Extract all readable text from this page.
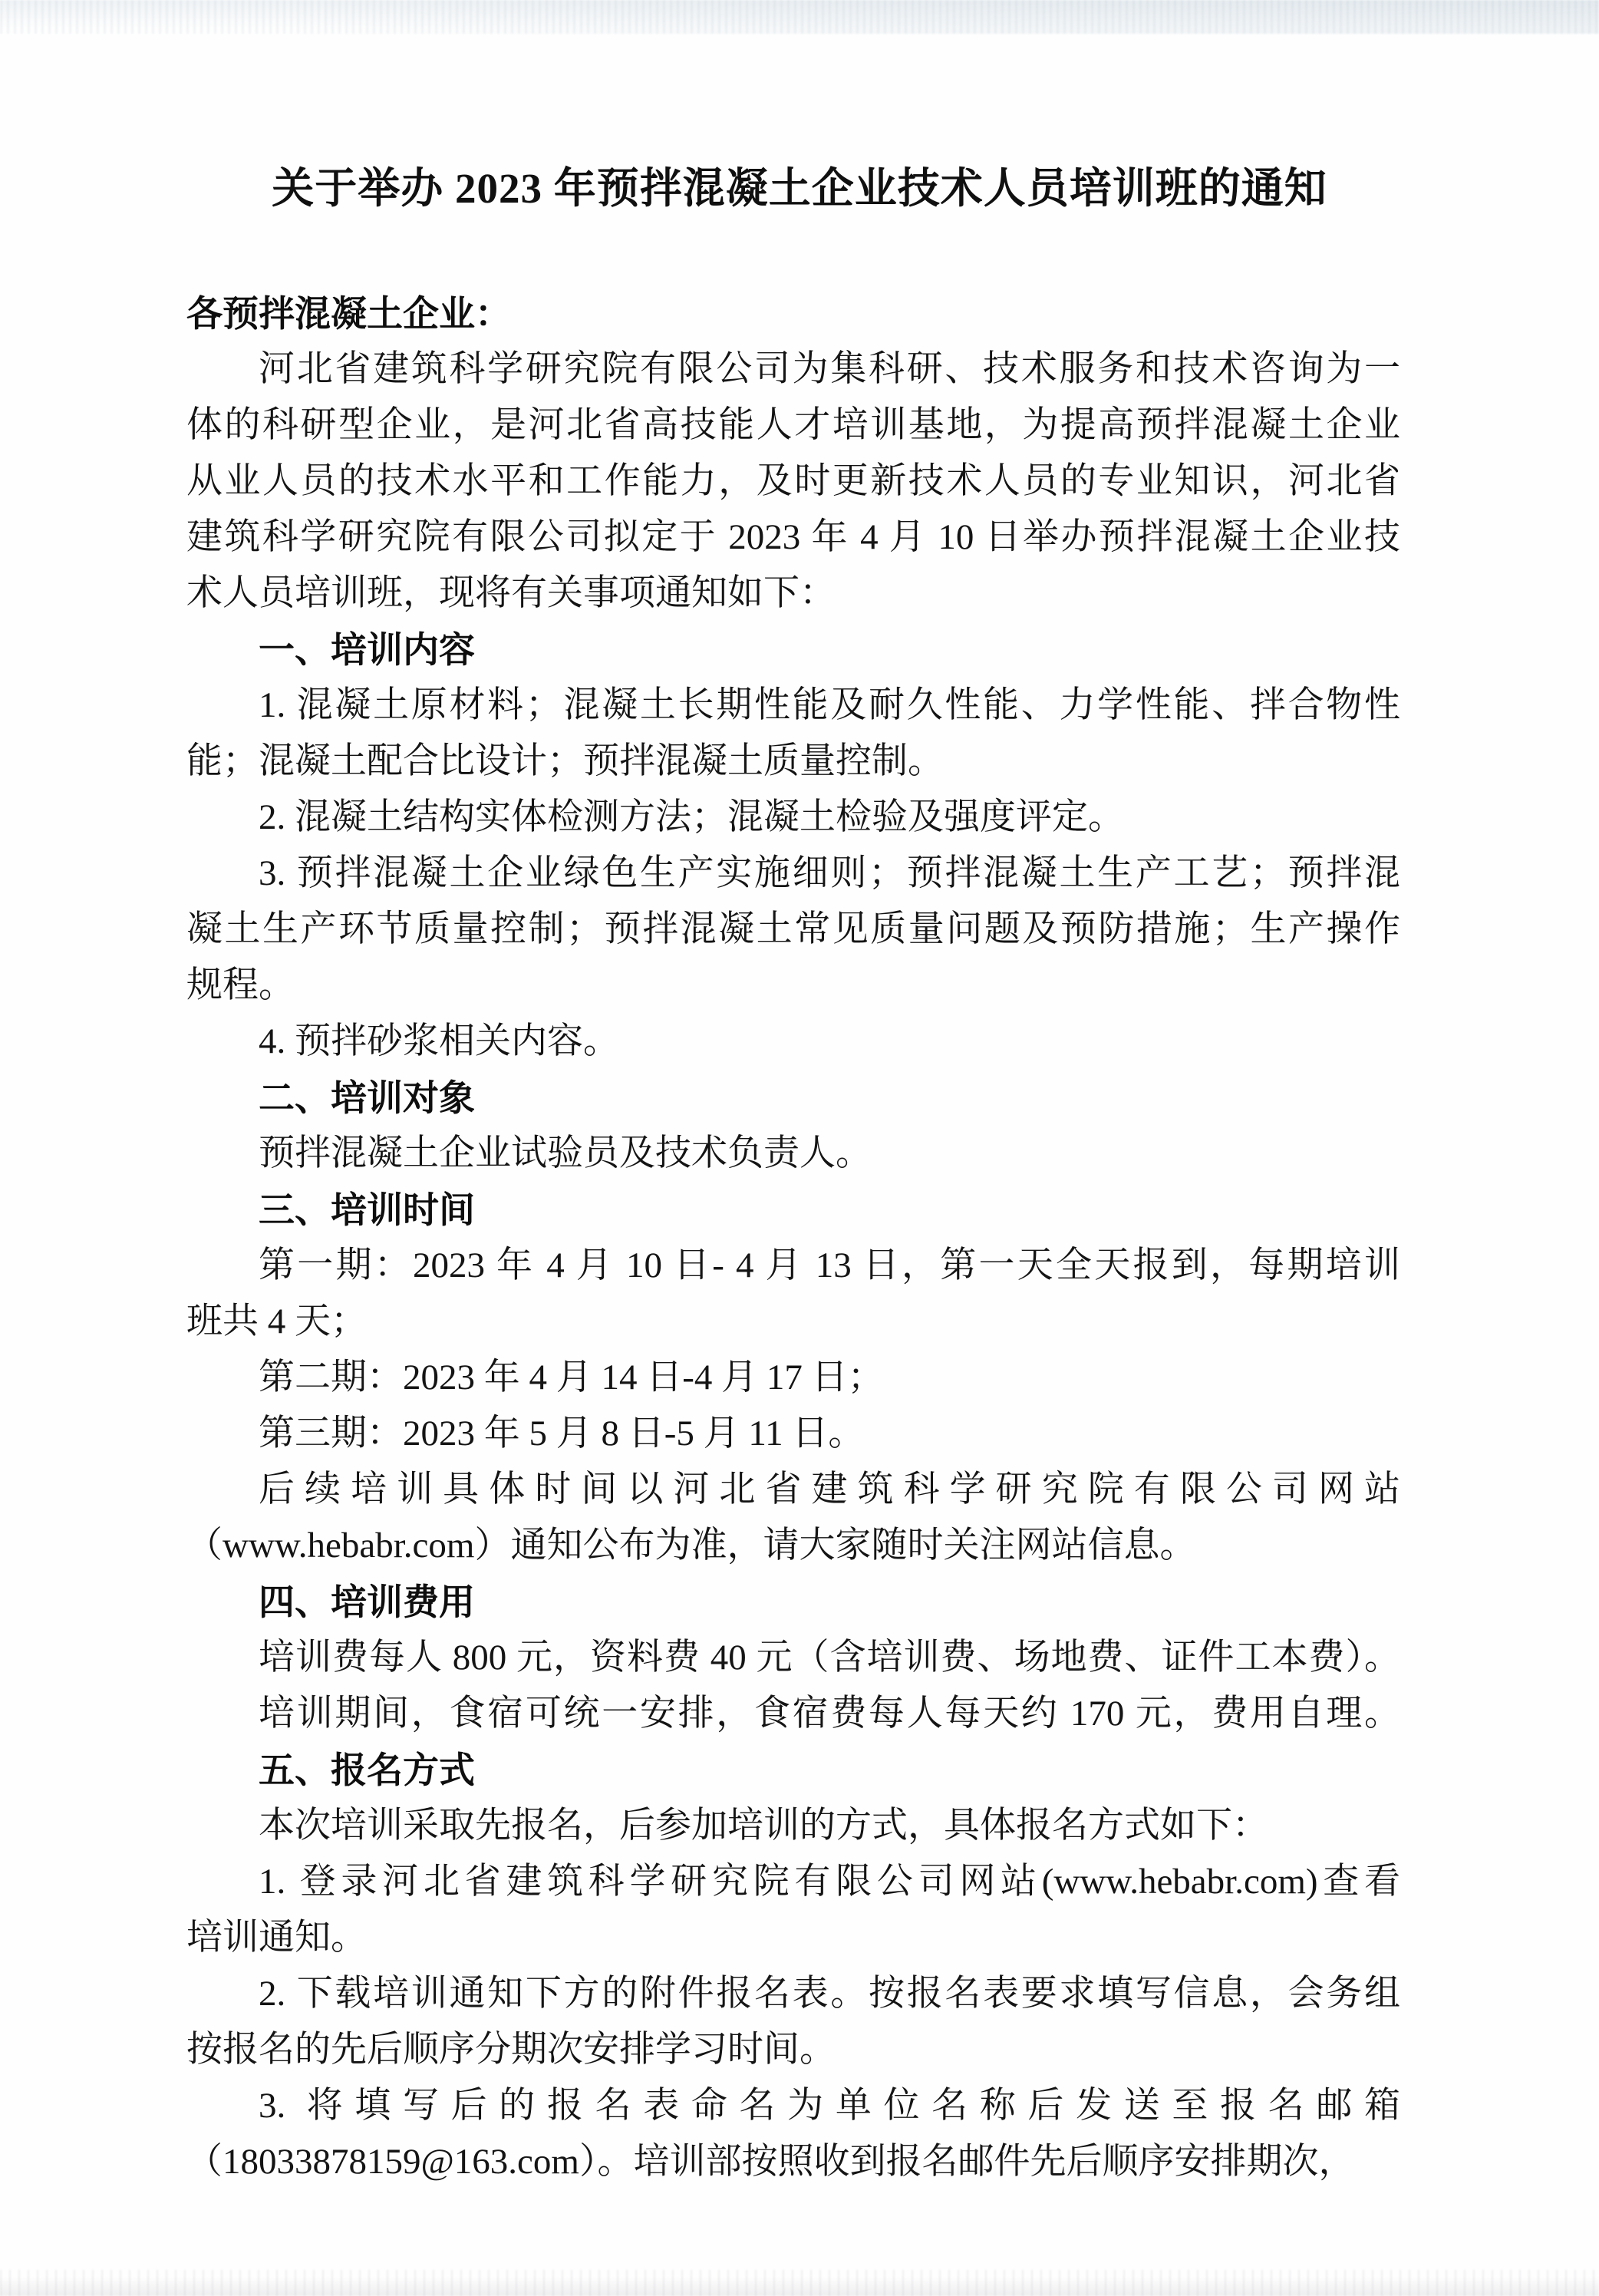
关于举办 2023 年预拌混凝土企业技术人员培训班的通知
各预拌混凝土企业：
河北省建筑科学研究院有限公司为集科研、技术服务和技术咨询为一
体的科研型企业，是河北省高技能人才培训基地，为提高预拌混凝土企业
从业人员的技术水平和工作能力，及时更新技术人员的专业知识，河北省
建筑科学研究院有限公司拟定于 2023 年 4 月 10 日举办预拌混凝土企业技
术人员培训班，现将有关事项通知如下：
一、培训内容
1. 混凝土原材料；混凝土长期性能及耐久性能、力学性能、拌合物性
能；混凝土配合比设计；预拌混凝土质量控制。
2. 混凝土结构实体检测方法；混凝土检验及强度评定。
3. 预拌混凝土企业绿色生产实施细则；预拌混凝土生产工艺；预拌混
凝土生产环节质量控制；预拌混凝土常见质量问题及预防措施；生产操作
规程。
4. 预拌砂浆相关内容。
二、培训对象
预拌混凝土企业试验员及技术负责人。
三、培训时间
第一期：2023 年 4 月 10 日- 4 月 13 日，第一天全天报到，每期培训
班共 4 天；
第二期：2023 年 4 月 14 日-4 月 17 日；
第三期：2023 年 5 月 8 日-5 月 11 日。
后续培训具体时间以河北省建筑科学研究院有限公司网站
（www.hebabr.com）通知公布为准，请大家随时关注网站信息。
四、培训费用
培训费每人 800 元，资料费 40 元（含培训费、场地费、证件工本费）。
培训期间，食宿可统一安排，食宿费每人每天约 170 元，费用自理。
五、报名方式
本次培训采取先报名，后参加培训的方式，具体报名方式如下：
1. 登录河北省建筑科学研究院有限公司网站(www.hebabr.com)查看
培训通知。
2. 下载培训通知下方的附件报名表。按报名表要求填写信息，会务组
按报名的先后顺序分期次安排学习时间。
3. 将填写后的报名表命名为单位名称后发送至报名邮箱
（18033878159@163.com）。培训部按照收到报名邮件先后顺序安排期次，
